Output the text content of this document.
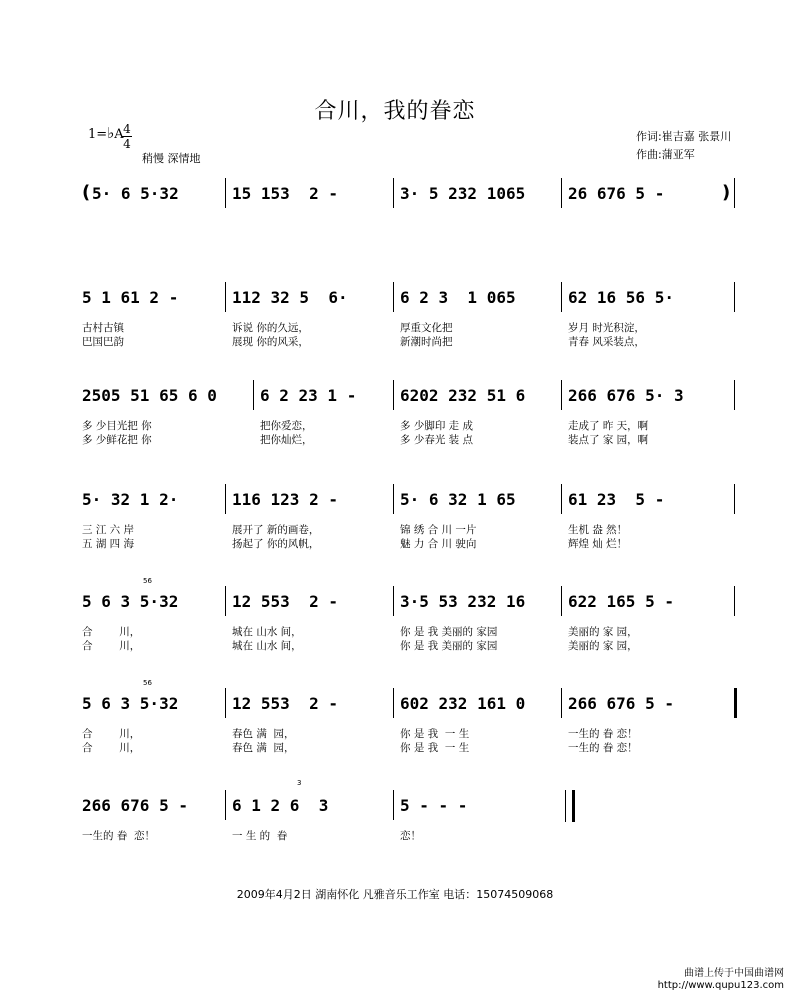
合川，我的眷恋
1=♭A 4
4
稍慢 深情地
作词:崔吉嘉 张景川
作曲:蒲亚军
(	)
5· 6 5·32	15 153  2 -	3· 5 232 1065	26 676 5 -
5 1 61 2 -
古村古镇
巴国巴韵
112 32 5  6·
诉说 你的久远，
展现 你的风采，
6 2 3  1 065
厚重文化把
新潮时尚把
62 16 56 5·
岁月 时光积淀，
青春 风采装点，
2505 51 65 6 0
多 少目光把 你
多 少鲜花把 你
6 2 23 1 -
把你爱恋，
把你灿烂，
6202 232 51 6
多 少脚印 走 成
多 少春光 装 点
266 676 5· 3
走成了 昨 天，啊
装点了 家 园，啊
5· 32 1 2·
三 江 六 岸
五 湖 四 海
116 123 2 -
展开了 新的画卷，
扬起了 你的风帆，
5· 6 32 1 65
锦 绣 合 川 一片
魅 力 合 川 驶向
61 23  5 -
生机 盎 然！
辉煌 灿 烂！
5 6 3 5·32
合        川，
合        川，
12 553  2 -
城在 山水 间，
城在 山水 间，
3·5 53 232 16
你 是 我 美丽的 家园
你 是 我 美丽的 家园
622 165 5 -
美丽的 家 园，
美丽的 家 园，
5 6 3 5·32
合        川，
合        川，
12 553  2 -
春色 满  园，
春色 满  园，
602 232 161 0
你 是 我  一 生
你 是 我  一 生
266 676 5 -
一生的 眷 恋！
一生的 眷 恋！
266 676 5 -
一生的 眷  恋！
6 1 2 6  3
一 生 的  眷
5 - - -
恋！
56
56
3
2009年4月2日 湖南怀化 凡雅音乐工作室 电话：15074509068
曲谱上传于中国曲谱网
http://www.qupu123.com
